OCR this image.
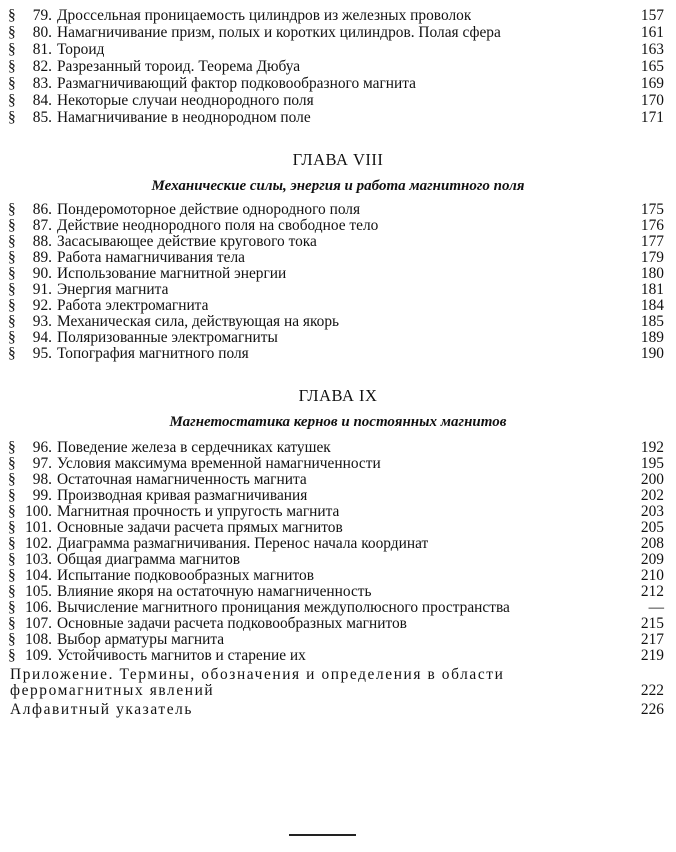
§	79. Дроссельная проницаемость цилиндров из железных проволок	157
§	80. Намагничивание призм, полых и коротких цилиндров. Полая сфера	161
§	81. Тороид	163
§	82. Разрезанный тороид. Теорема Дюбуа	165
§	83. Размагничивающий фактор подковообразного магнита	169
§	84. Некоторые случаи неоднородного поля	170
§	85. Намагничивание в неоднородном поле	171
ГЛАВА VIII
Механические силы, энергия и работа магнитного поля
§	86. Пондеромоторное действие однородного поля	175
§	87. Действие неоднородного поля на свободное тело	176
§	88. Засасывающее действие кругового тока	177
§	89. Работа намагничивания тела	179
§	90. Использование магнитной энергии	180
§	91. Энергия магнита	181
§	92. Работа электромагнита	184
§	93. Механическая сила, действующая на якорь	185
§	94. Поляризованные электромагниты	189
§	95. Топография магнитного поля	190
ГЛАВА IX
Магнетостатика кернов и постоянных магнитов
§	96. Поведение железа в сердечниках катушек	192
§	97. Условия максимума временной намагниченности	195
§	98. Остаточная намагниченность магнита	200
§	99. Производная кривая размагничивания	202
§ 100. Магнитная прочность и упругость магнита	203
§ 101. Основные задачи расчета прямых магнитов	205
§ 102. Диаграмма размагничивания. Перенос начала координат	208
§ 103. Общая диаграмма магнитов	209
§ 104. Испытание подковообразных магнитов	210
§ 105. Влияние якоря на остаточную намагниченность	212
§ 106. Вычисление магнитного проницания междуполюсного пространства	—
§ 107. Основные задачи расчета подковообразных магнитов	215
§ 108. Выбор арматуры магнита	217
§ 109. Устойчивость магнитов и старение их	219
Приложение. Термины, обозначения и определения в области ферромагнитных явлений	222
Алфавитный указатель	226
